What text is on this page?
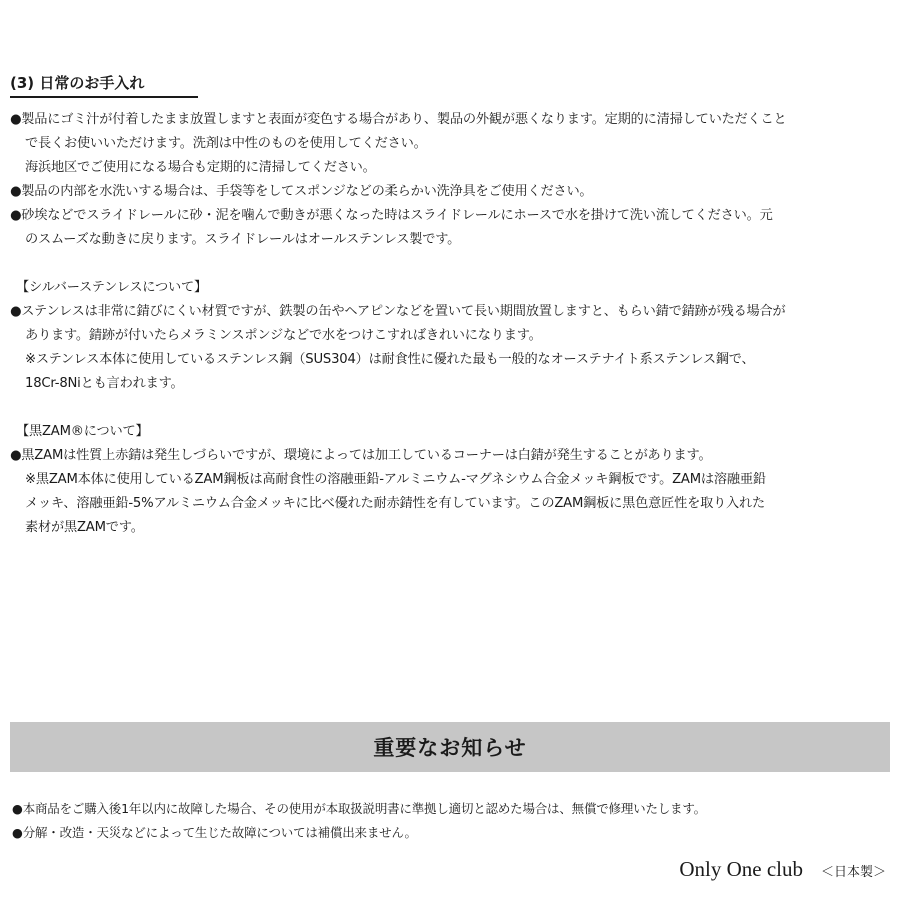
(3) 日常のお手入れ
●製品にゴミ汁が付着したまま放置しますと表面が変色する場合があり、製品の外観が悪くなります。定期的に清掃していただくこと
で長くお使いいただけます。洗剤は中性のものを使用してください。
海浜地区でご使用になる場合も定期的に清掃してください。
●製品の内部を水洗いする場合は、手袋等をしてスポンジなどの柔らかい洗浄具をご使用ください。
●砂埃などでスライドレールに砂・泥を噛んで動きが悪くなった時はスライドレールにホースで水を掛けて洗い流してください。元
のスムーズな動きに戻ります。スライドレールはオールステンレス製です。
【シルバーステンレスについて】
●ステンレスは非常に錆びにくい材質ですが、鉄製の缶やヘアピンなどを置いて長い期間放置しますと、もらい錆で錆跡が残る場合が
あります。錆跡が付いたらメラミンスポンジなどで水をつけこすればきれいになります。
※ステンレス本体に使用しているステンレス鋼（SUS304）は耐食性に優れた最も一般的なオーステナイト系ステンレス鋼で、
18Cr-8Niとも言われます。
【黒ZAM®について】
●黒ZAMは性質上赤錆は発生しづらいですが、環境によっては加工しているコーナーは白錆が発生することがあります。
※黒ZAM本体に使用しているZAM鋼板は高耐食性の溶融亜鉛-アルミニウム-マグネシウム合金メッキ鋼板です。ZAMは溶融亜鉛
メッキ、溶融亜鉛-5%アルミニウム合金メッキに比べ優れた耐赤錆性を有しています。このZAM鋼板に黒色意匠性を取り入れた
素材が黒ZAMです。
重要なお知らせ
●本商品をご購入後1年以内に故障した場合、その使用が本取扱説明書に準拠し適切と認めた場合は、無償で修理いたします。
●分解・改造・天災などによって生じた故障については補償出来ません。
Only One club ＜日本製＞
